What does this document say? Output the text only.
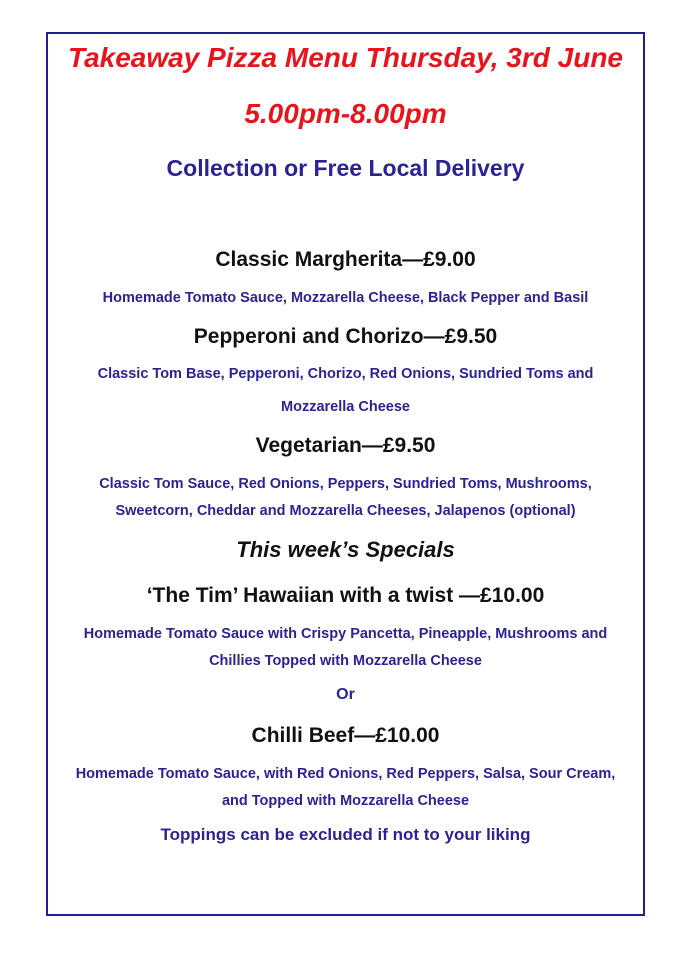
Takeaway Pizza Menu Thursday, 3rd June
5.00pm-8.00pm
Collection or Free Local Delivery
Classic Margherita—£9.00
Homemade Tomato Sauce, Mozzarella Cheese, Black Pepper and Basil
Pepperoni and Chorizo—£9.50
Classic Tom Base, Pepperoni, Chorizo, Red Onions, Sundried Toms and
Mozzarella Cheese
Vegetarian—£9.50
Classic Tom Sauce, Red Onions, Peppers, Sundried Toms, Mushrooms,
Sweetcorn, Cheddar and Mozzarella Cheeses, Jalapenos (optional)
This week’s Specials
‘The Tim’ Hawaiian with a twist —£10.00
Homemade Tomato Sauce with Crispy Pancetta, Pineapple, Mushrooms and
Chillies Topped with Mozzarella Cheese
Or
Chilli Beef—£10.00
Homemade Tomato Sauce, with Red Onions, Red Peppers, Salsa, Sour Cream,
and Topped with Mozzarella Cheese
Toppings can be excluded if not to your liking
